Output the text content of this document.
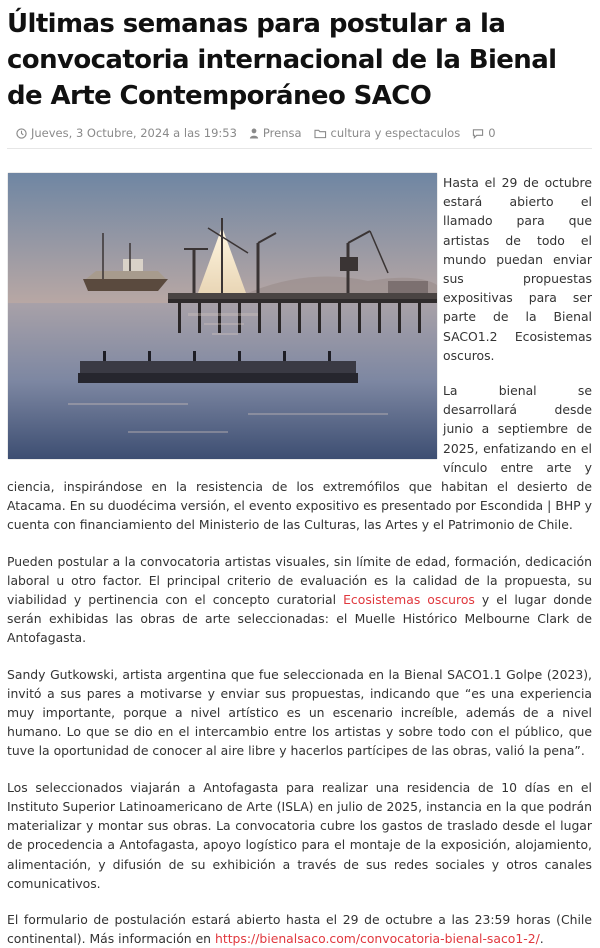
Últimas semanas para postular a la convocatoria internacional de la Bienal de Arte Contemporáneo SACO
Jueves, 3 Octubre, 2024 a las 19:53 Prensa	cultura y espectaculos 0

Hasta el 29 de octubre estará abierto el llamado para que artistas de todo el mundo puedan enviar sus propuestas expositivas para ser parte de la Bienal SACO1.2 Ecosistemas oscuros.

La bienal se desarrollará desde junio a septiembre de 2025, enfatizando en el vínculo entre arte y ciencia, inspirándose en la resistencia de los extremófilos que habitan el desierto de Atacama. En su duodécima versión, el evento expositivo es presentado por Escondida | BHP y cuenta con financiamiento del Ministerio de las Culturas, las Artes y el Patrimonio de Chile.

Pueden postular a la convocatoria artistas visuales, sin límite de edad, formación, dedicación laboral u otro factor. El principal criterio de evaluación es la calidad de la propuesta, su viabilidad y pertinencia con el concepto curatorial Ecosistemas oscuros y el lugar donde serán exhibidas las obras de arte seleccionadas: el Muelle Histórico Melbourne Clark de Antofagasta.

Sandy Gutkowski, artista argentina que fue seleccionada en la Bienal SACO1.1 Golpe (2023), invitó a sus pares a motivarse y enviar sus propuestas, indicando que “es una experiencia muy importante, porque a nivel artístico es un escenario increíble, además de a nivel humano. Lo que se dio en el intercambio entre los artistas y sobre todo con el público, que tuve la oportunidad de conocer al aire libre y hacerlos partícipes de las obras, valió la pena”.

Los seleccionados viajarán a Antofagasta para realizar una residencia de 10 días en el Instituto Superior Latinoamericano de Arte (ISLA) en julio de 2025, instancia en la que podrán materializar y montar sus obras. La convocatoria cubre los gastos de traslado desde el lugar de procedencia a Antofagasta, apoyo logístico para el montaje de la exposición, alojamiento, alimentación, y difusión de su exhibición a través de sus redes sociales y otros canales comunicativos.

El formulario de postulación estará abierto hasta el 29 de octubre a las 23:59 horas (Chile continental). Más información en https://bienalsaco.com/convocatoria-bienal-saco1-2/.
